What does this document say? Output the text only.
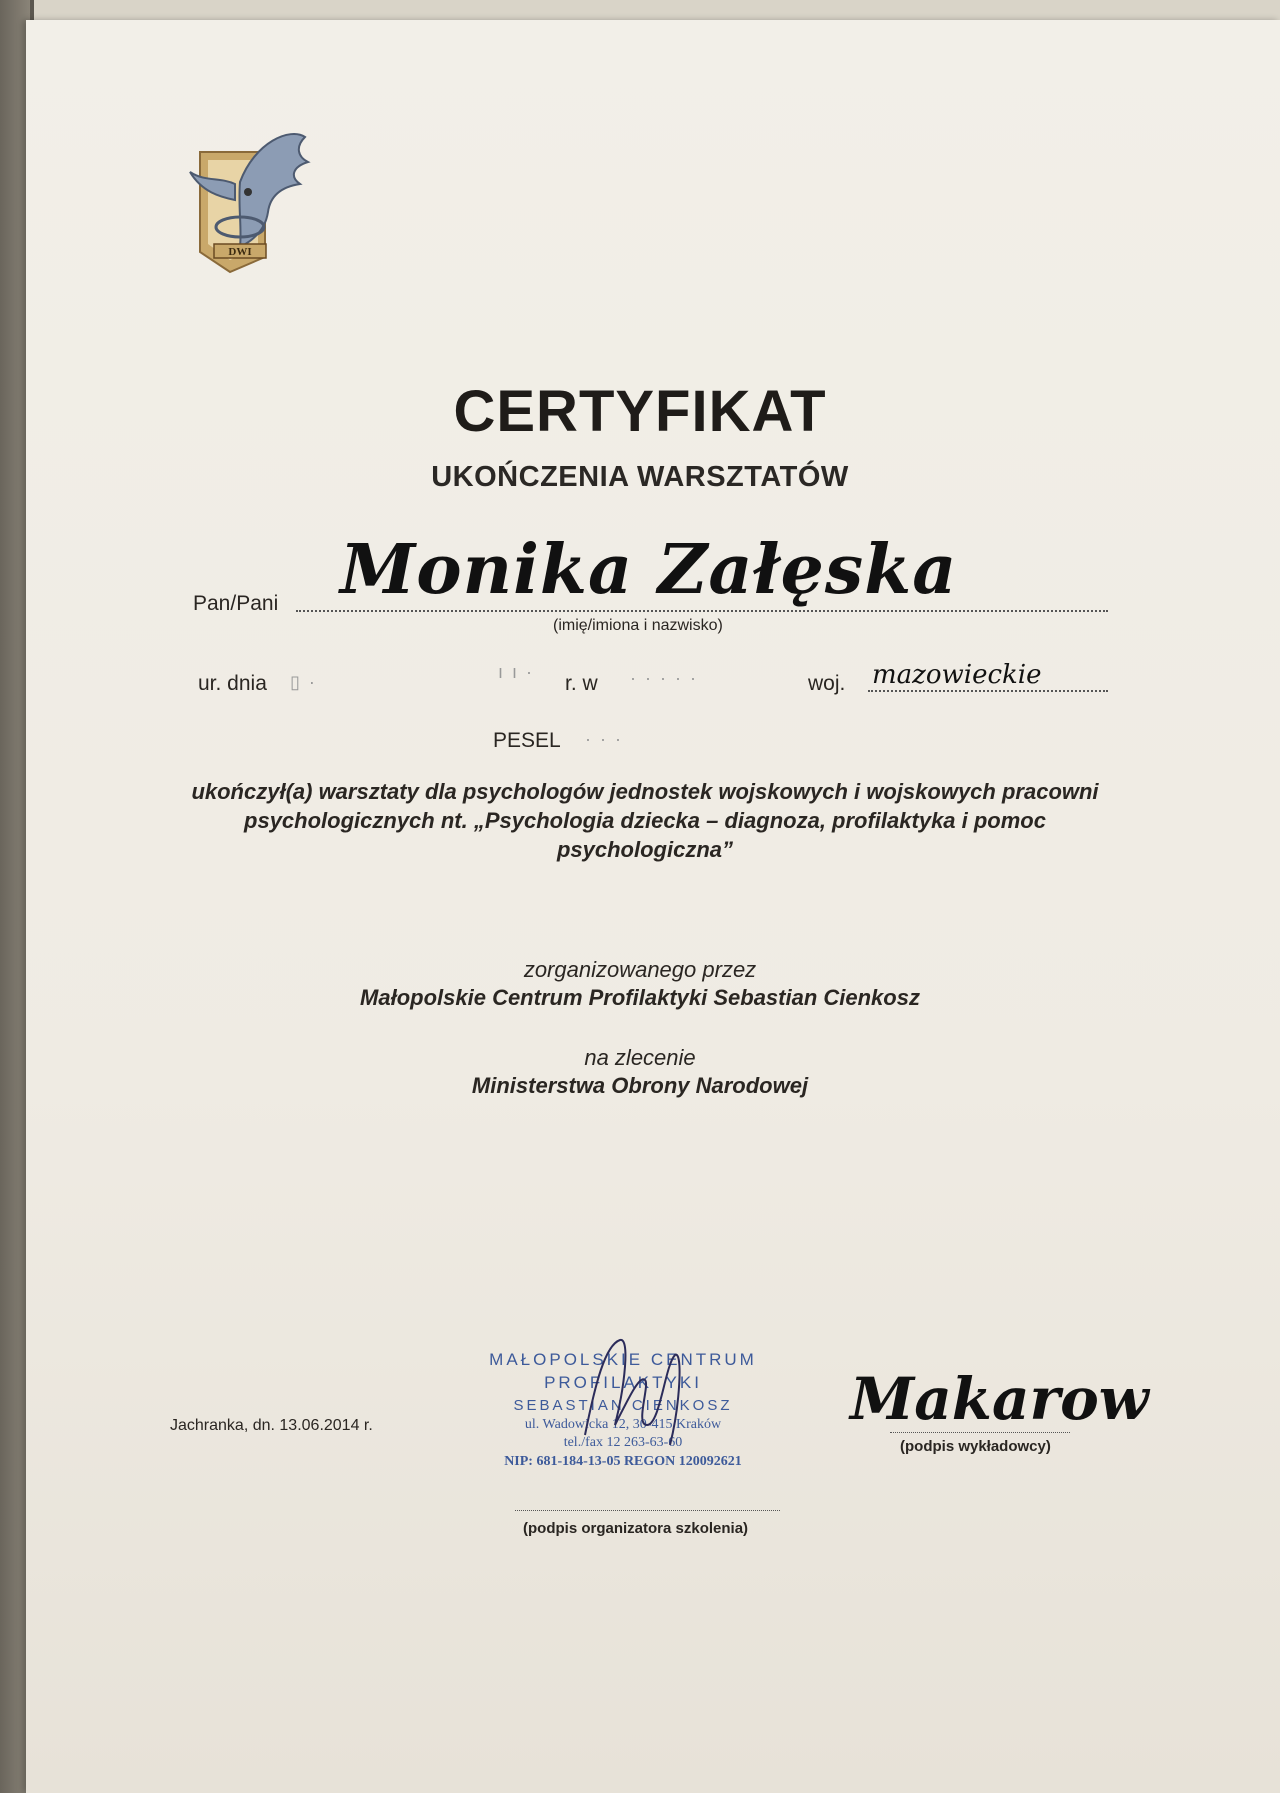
DWI
CERTYFIKAT
UKOŃCZENIA WARSZTATÓW
Pan/Pani Monika Załęska
(imię/imiona i nazwisko)
ur. dnia ▯ ·	ı ı · r. w · · · · ·	woj. mazowieckie
PESEL · · ·
ukończył(a) warsztaty dla psychologów jednostek wojskowych i wojskowych pracowni psychologicznych nt. „Psychologia dziecka – diagnoza, profilaktyka i pomoc psychologiczna”
zorganizowanego przez
Małopolskie Centrum Profilaktyki Sebastian Cienkosz
na zlecenie
Ministerstwa Obrony Narodowej
Jachranka, dn. 13.06.2014 r.
MAŁOPOLSKIE CENTRUM
PROFILAKTYKI
SEBASTIAN CIENKOSZ
ul. Wadowicka 12, 30-415 Kraków
tel./fax 12 263-63-60
NIP: 681-184-13-05 REGON 120092621
(podpis organizatora szkolenia)
Makarow
(podpis wykładowcy)
